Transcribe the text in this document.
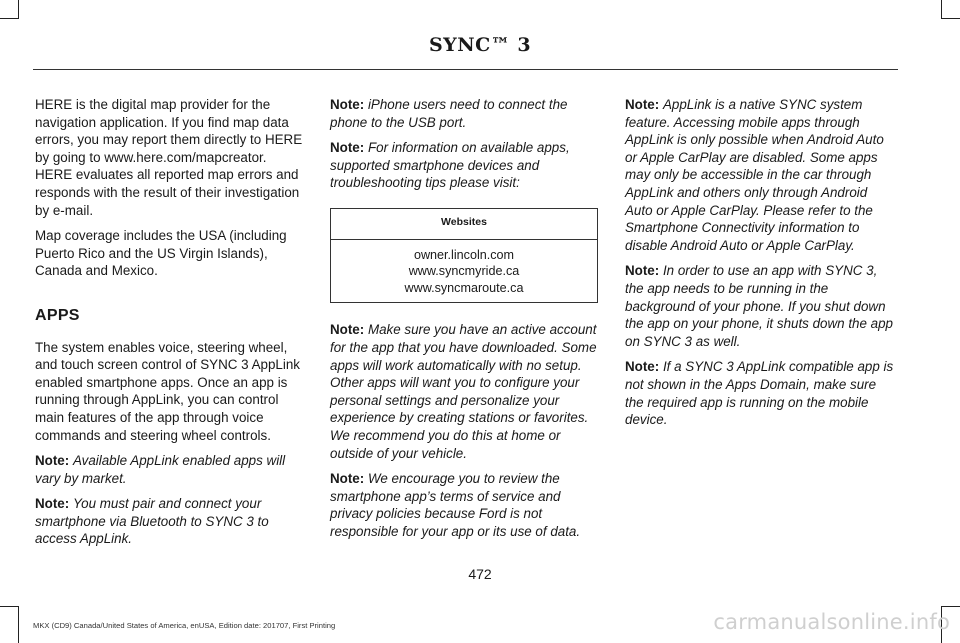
SYNC™ 3

HERE is the digital map provider for the navigation application. If you find map data errors, you may report them directly to HERE by going to www.here.com/mapcreator. HERE evaluates all reported map errors and responds with the result of their investigation by e-mail.

Map coverage includes the USA (including Puerto Rico and the US Virgin Islands), Canada and Mexico.

APPS

The system enables voice, steering wheel, and touch screen control of SYNC 3 AppLink enabled smartphone apps. Once an app is running through AppLink, you can control main features of the app through voice commands and steering wheel controls.

Note: Available AppLink enabled apps will vary by market.

Note: You must pair and connect your smartphone via Bluetooth to SYNC 3 to access AppLink.

Note: iPhone users need to connect the phone to the USB port.

Note: For information on available apps, supported smartphone devices and troubleshooting tips please visit:

Websites

owner.lincoln.com
www.syncmyride.ca
www.syncmaroute.ca

Note: Make sure you have an active account for the app that you have downloaded. Some apps will work automatically with no setup. Other apps will want you to configure your personal settings and personalize your experience by creating stations or favorites. We recommend you do this at home or outside of your vehicle.

Note: We encourage you to review the smartphone app’s terms of service and privacy policies because Ford is not responsible for your app or its use of data.

Note: AppLink is a native SYNC system feature. Accessing mobile apps through AppLink is only possible when Android Auto or Apple CarPlay are disabled. Some apps may only be accessible in the car through AppLink and others only through Android Auto or Apple CarPlay. Please refer to the Smartphone Connectivity information to disable Android Auto or Apple CarPlay.

Note: In order to use an app with SYNC 3, the app needs to be running in the background of your phone. If you shut down the app on your phone, it shuts down the app on SYNC 3 as well.

Note: If a SYNC 3 AppLink compatible app is not shown in the Apps Domain, make sure the required app is running on the mobile device.

472
MKX (CD9) Canada/United States of America, enUSA, Edition date: 201707, First Printing	carmanualsonline.info
